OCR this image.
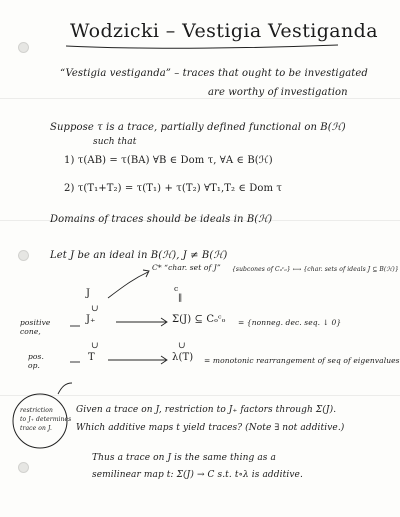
∪
∪	∪
∥
Wodzicki – Vestigia Vestiganda
“Vestigia vestiganda” – traces that ought to be investigated
are worthy of investigation
Suppose τ is a trace, partially defined functional on B(ℋ)
such that
1) τ(AB) = τ(BA) ∀B ∈ Dom τ, ∀A ∈ B(ℋ)
2) τ(T₁+T₂) = τ(T₁) + τ(T₂) ∀T₁,T₂ ∈ Dom τ
Domains of traces should be ideals in B(ℋ)
Let J be an ideal in B(ℋ), J ≠ B(ℋ)
J
C* “char. set of J” {subcones of Cₒᶜₒ} ⟷ {char. sets of ideals J ⊆ B(ℋ)}
c
J₊	Σ(J) ⊆ Cₒᶜₒ = {nonneg. dec. seq. ↓ 0}
T	λ(T) = monotonic rearrangement of seq of eigenvalues
positive
cone,
pos.
op.
Given a trace on J, restriction to J₊ factors through Σ(J).
Which additive maps t yield traces? (Note ∃ not additive.)
restriction
to J₊ determines
trace on J.
Thus a trace on J is the same thing as a
semilinear map t: Σ(J) → C s.t. t∘λ is additive.
